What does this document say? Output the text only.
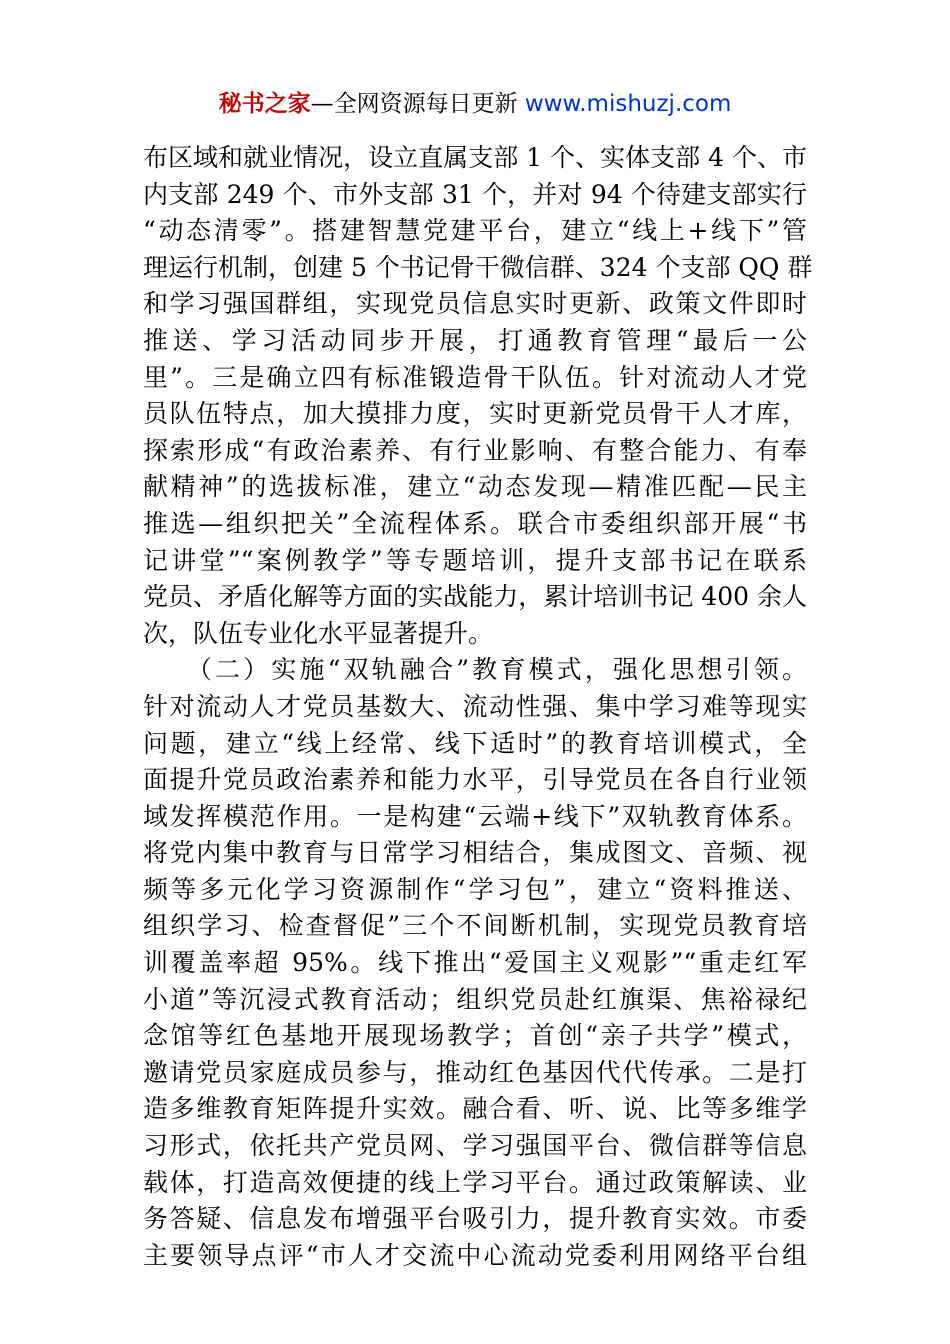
秘书之家—全网资源每日更新 www.mishuzj.com
布区域和就业情况，设立直属支部 1 个、实体支部 4 个、市
内支部 249 个、市外支部 31 个，并对 94 个待建支部实行
“动态清零”。搭建智慧党建平台，建立“线上+线下”管
理运行机制，创建 5 个书记骨干微信群、324 个支部 QQ 群
和学习强国群组，实现党员信息实时更新、政策文件即时
推送、学习活动同步开展，打通教育管理“最后一公
里”。三是确立四有标准锻造骨干队伍。针对流动人才党
员队伍特点，加大摸排力度，实时更新党员骨干人才库，
探索形成“有政治素养、有行业影响、有整合能力、有奉
献精神”的选拔标准，建立“动态发现—精准匹配—民主
推选—组织把关”全流程体系。联合市委组织部开展“书
记讲堂”“案例教学”等专题培训，提升支部书记在联系
党员、矛盾化解等方面的实战能力，累计培训书记 400 余人
次，队伍专业化水平显著提升。
　　（二）实施“双轨融合”教育模式，强化思想引领。
针对流动人才党员基数大、流动性强、集中学习难等现实
问题，建立“线上经常、线下适时”的教育培训模式，全
面提升党员政治素养和能力水平，引导党员在各自行业领
域发挥模范作用。一是构建“云端+线下”双轨教育体系。
将党内集中教育与日常学习相结合，集成图文、音频、视
频等多元化学习资源制作“学习包”，建立“资料推送、
组织学习、检查督促”三个不间断机制，实现党员教育培
训覆盖率超 95%。线下推出“爱国主义观影”“重走红军
小道”等沉浸式教育活动；组织党员赴红旗渠、焦裕禄纪
念馆等红色基地开展现场教学；首创“亲子共学”模式，
邀请党员家庭成员参与，推动红色基因代代传承。二是打
造多维教育矩阵提升实效。融合看、听、说、比等多维学
习形式，依托共产党员网、学习强国平台、微信群等信息
载体，打造高效便捷的线上学习平台。通过政策解读、业
务答疑、信息发布增强平台吸引力，提升教育实效。市委
主要领导点评“市人才交流中心流动党委利用网络平台组
